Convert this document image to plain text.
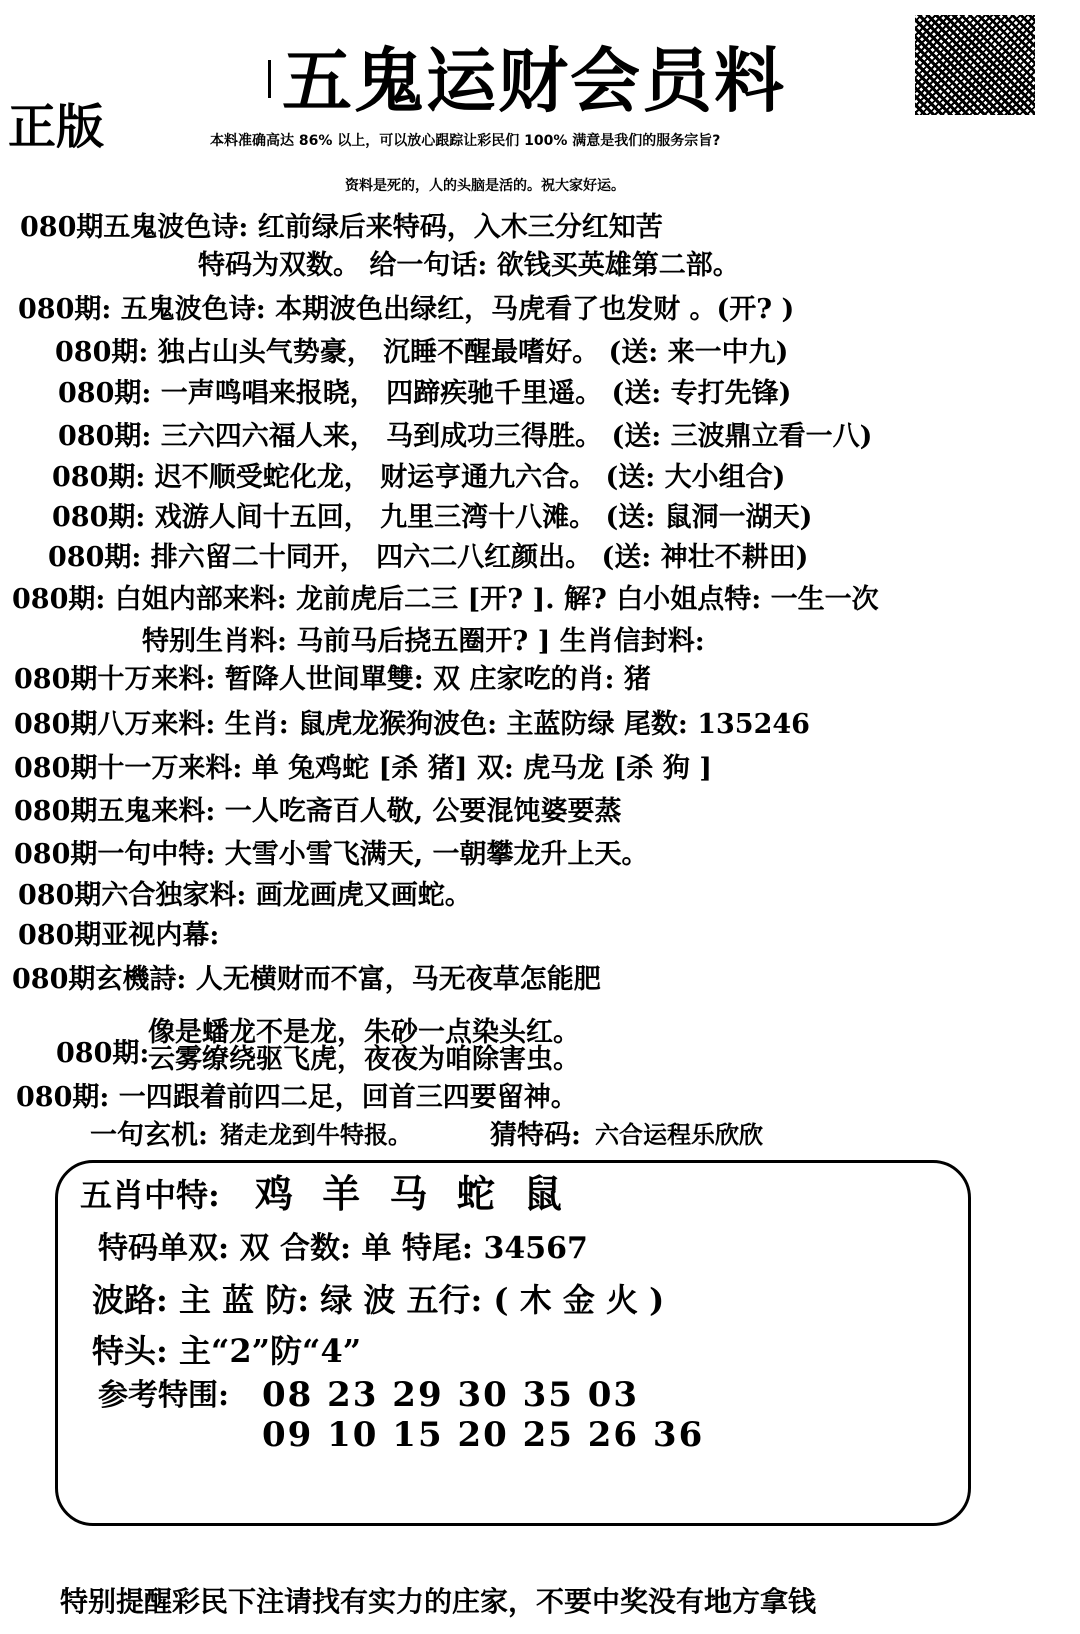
五鬼运财会员料
正版	本料准确高达 86% 以上，可以放心跟踪让彩民们 100% 满意是我们的服务宗旨?
资料是死的，人的头脑是活的。祝大家好运。
080期五鬼波色诗: 红前绿后来特码，入木三分红知苦
特码为双数。 给一句话: 欲钱买英雄第二部。
080期: 五鬼波色诗: 本期波色出绿红，马虎看了也发财 。(开? )
080期: 独占山头气势豪， 沉睡不醒最嗜好。 (送: 来一中九)
080期: 一声鸣唱来报晓， 四蹄疾驰千里遥。 (送: 专打先锋)
080期: 三六四六福人来， 马到成功三得胜。 (送: 三波鼎立看一八)
080期: 迟不顺受蛇化龙， 财运亨通九六合。 (送: 大小组合)
080期: 戏游人间十五回， 九里三湾十八滩。 (送: 鼠洞一湖天)
080期: 排六留二十同开， 四六二八红颜出。 (送: 神壮不耕田)
080期: 白姐内部来料: 龙前虎后二三 [开? ]. 解? 白小姐点特: 一生一次
特别生肖料: 马前马后挠五圈开? ] 生肖信封料:
080期十万来料: 暂降人世间單雙: 双 庄家吃的肖: 猪
080期八万来料: 生肖: 鼠虎龙猴狗波色: 主蓝防绿 尾数: 135246
080期十一万来料: 单 兔鸡蛇 [杀 猪] 双: 虎马龙 [杀 狗 ]
080期五鬼来料: 一人吃斋百人敬, 公要混饨婆要蒸
080期一句中特: 大雪小雪飞满天, 一朝攀龙升上天。
080期六合独家料: 画龙画虎又画蛇。
080期亚视内幕:
080期玄機詩: 人无横财而不富，马无夜草怎能肥
像是蟠龙不是龙，朱砂一点染头红。
云雾缭绕驱飞虎，夜夜为咱除害虫。
080期:
080期: 一四跟着前四二足，回首三四要留神。
一句玄机: 猪走龙到牛特报。	猜特码: 六合运程乐欣欣
五肖中特: 鸡 羊 马 蛇 鼠
特码单双: 双 合数: 单 特尾: 34567
波路: 主 蓝 防: 绿 波 五行: ( 木 金 火 )
特头: 主“2”防“4”
参考特围: 08 23 29 30 35 03
09 10 15 20 25 26 36
特别提醒彩民下注请找有实力的庄家，不要中奖没有地方拿钱
